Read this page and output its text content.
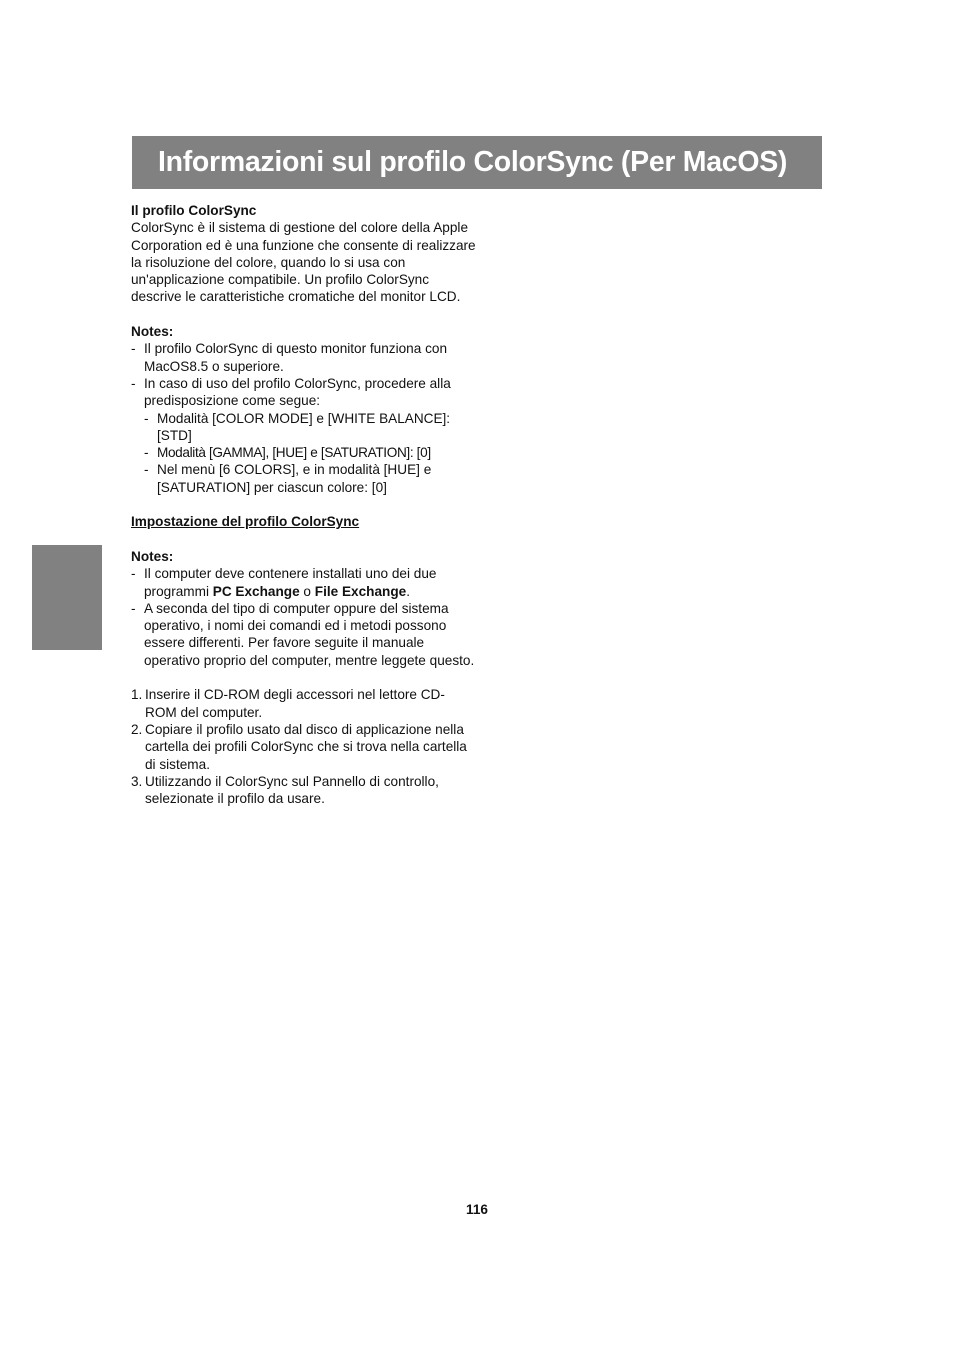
Informazioni sul profilo ColorSync (Per MacOS)

Il profilo ColorSync

ColorSync è il sistema di gestione del colore della Apple Corporation ed è una funzione che consente di realizzare la risoluzione del colore, quando lo si usa con un'applicazione compatibile. Un profilo ColorSync descrive le caratteristiche cromatiche del monitor LCD.

Notes:

- Il profilo ColorSync di questo monitor funziona con MacOS8.5 o superiore.
- In caso di uso del profilo ColorSync, procedere alla predisposizione come segue:
- Modalità [COLOR MODE] e [WHITE BALANCE]: [STD]
- Modalità [GAMMA], [HUE] e [SATURATION]: [0]
- Nel menù [6 COLORS], e in modalità [HUE] e [SATURATION] per ciascun colore: [0]

Impostazione del profilo ColorSync

Notes:

- Il computer deve contenere installati uno dei due programmi PC Exchange o File Exchange.
- A seconda del tipo di computer oppure del sistema operativo, i nomi dei comandi ed i metodi possono essere differenti. Per favore seguite il manuale operativo proprio del computer, mentre leggete questo.
1. Inserire il CD-ROM degli accessori nel lettore CD-ROM del computer.
2. Copiare il profilo usato dal disco di applicazione nella cartella dei profili ColorSync che si trova nella cartella di sistema.
3. Utilizzando il ColorSync sul Pannello di controllo, selezionate il profilo da usare.
116
